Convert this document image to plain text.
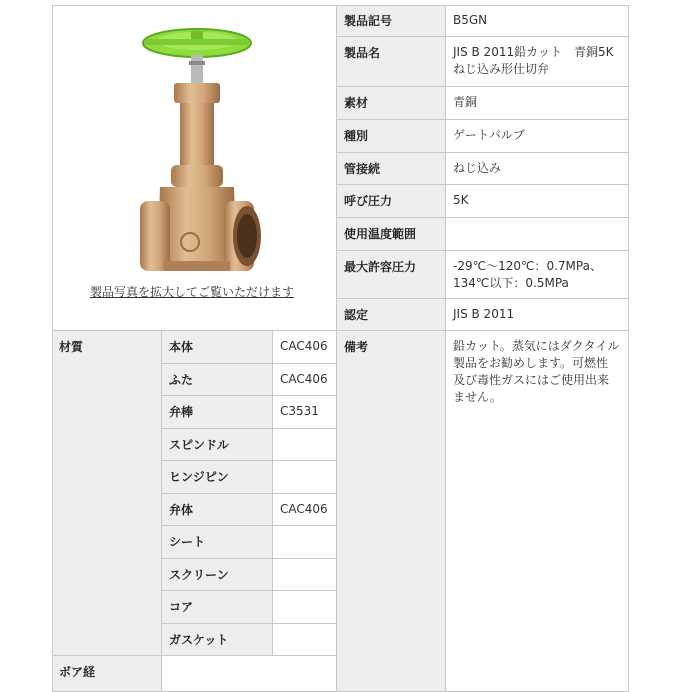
製品写真を拡大してご覧いただけます
製品記号	B5GN
製品名	JIS B 2011鉛カット　青銅5K
ねじ込み形仕切弁
素材	青銅
種別	ゲートバルブ
管接続	ねじ込み
呼び圧力	5K
使用温度範囲
最大許容圧力	-29℃～120℃：0.7MPa、
134℃以下：0.5MPa
認定	JIS B 2011
材質	本体	CAC406
ふた	CAC406
弁棒	C3531
スピンドル
ヒンジピン
弁体	CAC406
シート
スクリーン
コア
ガスケット
備考	鉛カット。蒸気にはダクタイル製品をお勧めします。可燃性及び毒性ガスにはご使用出来ません。
ボア経
